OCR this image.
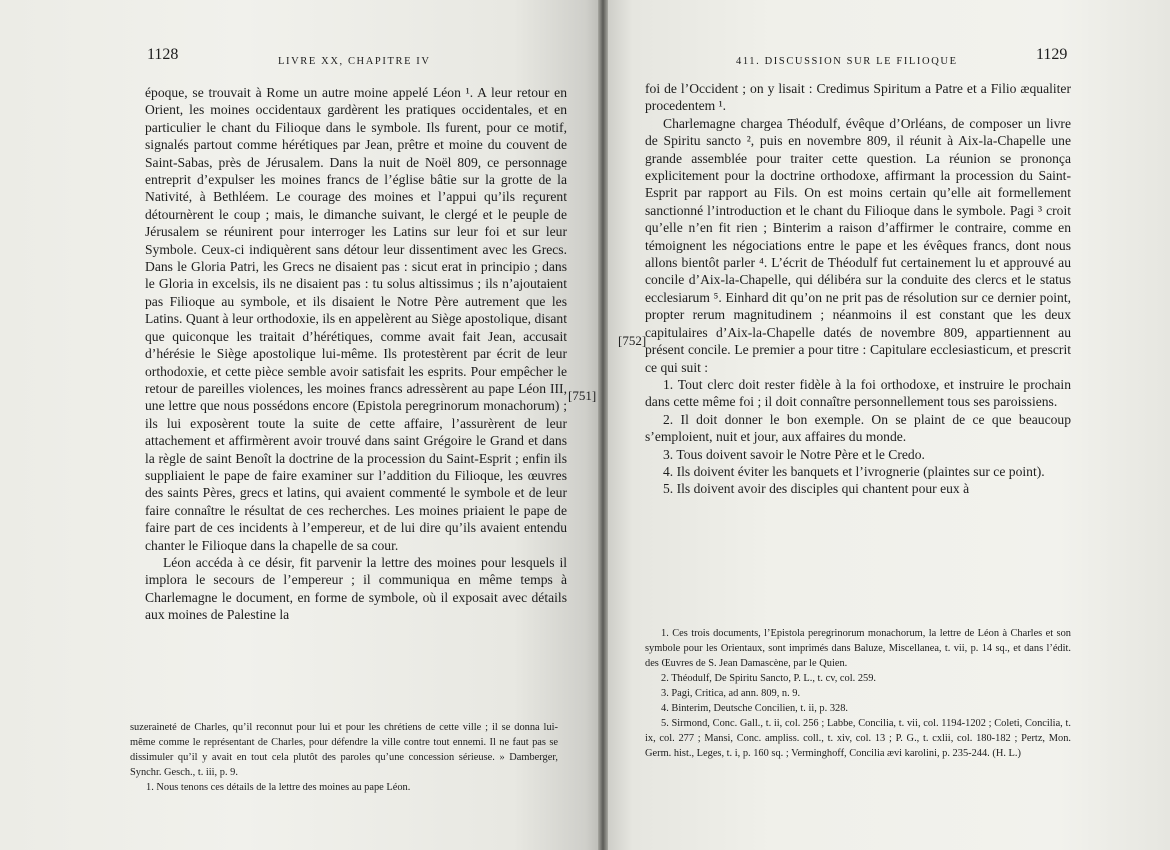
1128	LIVRE XX, CHAPITRE IV

époque, se trouvait à Rome un autre moine appelé Léon ¹. A leur retour en Orient, les moines occidentaux gardèrent les pratiques occidentales, et en particulier le chant du Filioque dans le symbole. Ils furent, pour ce motif, signalés partout comme hérétiques par Jean, prêtre et moine du couvent de Saint-Sabas, près de Jérusalem. Dans la nuit de Noël 809, ce personnage entreprit d’expulser les moines francs de l’église bâtie sur la grotte de la Nativité, à Bethléem. Le courage des moines et l’appui qu’ils reçurent détournèrent le coup ; mais, le dimanche suivant, le clergé et le peuple de Jérusalem se réunirent pour interroger les Latins sur leur foi et sur leur Symbole. Ceux-ci indiquèrent sans détour leur dissentiment avec les Grecs. Dans le Gloria Patri, les Grecs ne disaient pas : sicut erat in principio ; dans le Gloria in excelsis, ils ne disaient pas : tu solus altissimus ; ils n’ajoutaient pas Filioque au symbole, et ils disaient le Notre Père autrement que les Latins. Quant à leur orthodoxie, ils en appelèrent au Siège apostolique, disant que quiconque les traitait d’hérétiques, comme avait fait Jean, accusait d’hérésie le Siège apostolique lui-même. Ils protestèrent par écrit de leur orthodoxie, et cette pièce semble avoir satisfait les esprits. Pour empêcher le retour de pareilles violences, les moines francs adressèrent au pape Léon III, une lettre que nous possédons encore (Epistola peregrinorum monachorum) ; ils lui exposèrent toute la suite de cette affaire, l’assurèrent de leur attachement et affirmèrent avoir trouvé dans saint Grégoire le Grand et dans la règle de saint Benoît la doctrine de la procession du Saint-Esprit ; enfin ils suppliaient le pape de faire examiner sur l’addition du Filioque, les œuvres des saints Pères, grecs et latins, qui avaient commenté le symbole et de leur faire connaître le résultat de ces recherches. Les moines priaient le pape de faire part de ces incidents à l’empereur, et de lui dire qu’ils avaient entendu chanter le Filioque dans la chapelle de sa cour.

Léon accéda à ce désir, fit parvenir la lettre des moines pour lesquels il implora le secours de l’empereur ; il communiqua en même temps à Charlemagne le document, en forme de symbole, où il exposait avec détails aux moines de Palestine la

[751]

suzeraineté de Charles, qu’il reconnut pour lui et pour les chrétiens de cette ville ; il se donna lui-même comme le représentant de Charles, pour défendre la ville contre tout ennemi. Il ne faut pas se dissimuler qu’il y avait en tout cela plutôt des paroles qu’une concession sérieuse. » Damberger, Synchr. Gesch., t. iii, p. 9.

1. Nous tenons ces détails de la lettre des moines au pape Léon.

411. DISCUSSION SUR LE FILIOQUE	1129
[752]

foi de l’Occident ; on y lisait : Credimus Spiritum a Patre et a Filio æqualiter procedentem ¹.

Charlemagne chargea Théodulf, évêque d’Orléans, de composer un livre de Spiritu sancto ², puis en novembre 809, il réunit à Aix-la-Chapelle une grande assemblée pour traiter cette question. La réunion se prononça explicitement pour la doctrine orthodoxe, affirmant la procession du Saint-Esprit par rapport au Fils. On est moins certain qu’elle ait formellement sanctionné l’introduction et le chant du Filioque dans le symbole. Pagi ³ croit qu’elle n’en fit rien ; Binterim a raison d’affirmer le contraire, comme en témoignent les négociations entre le pape et les évêques francs, dont nous allons bientôt parler ⁴. L’écrit de Théodulf fut certainement lu et approuvé au concile d’Aix-la-Chapelle, qui délibéra sur la conduite des clercs et le status ecclesiarum ⁵. Einhard dit qu’on ne prit pas de résolution sur ce dernier point, propter rerum magnitudinem ; néanmoins il est constant que les deux capitulaires d’Aix-la-Chapelle datés de novembre 809, appartiennent au présent concile. Le premier a pour titre : Capitulare ecclesiasticum, et prescrit ce qui suit :

1. Tout clerc doit rester fidèle à la foi orthodoxe, et instruire le prochain dans cette même foi ; il doit connaître personnellement tous ses paroissiens.

2. Il doit donner le bon exemple. On se plaint de ce que beaucoup s’emploient, nuit et jour, aux affaires du monde.

3. Tous doivent savoir le Notre Père et le Credo.

4. Ils doivent éviter les banquets et l’ivrognerie (plaintes sur ce point).

5. Ils doivent avoir des disciples qui chantent pour eux à

1. Ces trois documents, l’Epistola peregrinorum monachorum, la lettre de Léon à Charles et son symbole pour les Orientaux, sont imprimés dans Baluze, Miscellanea, t. vii, p. 14 sq., et dans l’édit. des Œuvres de S. Jean Damascène, par le Quien.

2. Théodulf, De Spiritu Sancto, P. L., t. cv, col. 259.

3. Pagi, Critica, ad ann. 809, n. 9.

4. Binterim, Deutsche Concilien, t. ii, p. 328.

5. Sirmond, Conc. Gall., t. ii, col. 256 ; Labbe, Concilia, t. vii, col. 1194-1202 ; Coleti, Concilia, t. ix, col. 277 ; Mansi, Conc. ampliss. coll., t. xiv, col. 13 ; P. G., t. cxlii, col. 180-182 ; Pertz, Mon. Germ. hist., Leges, t. i, p. 160 sq. ; Verminghoff, Concilia ævi karolini, p. 235-244. (H. L.)
